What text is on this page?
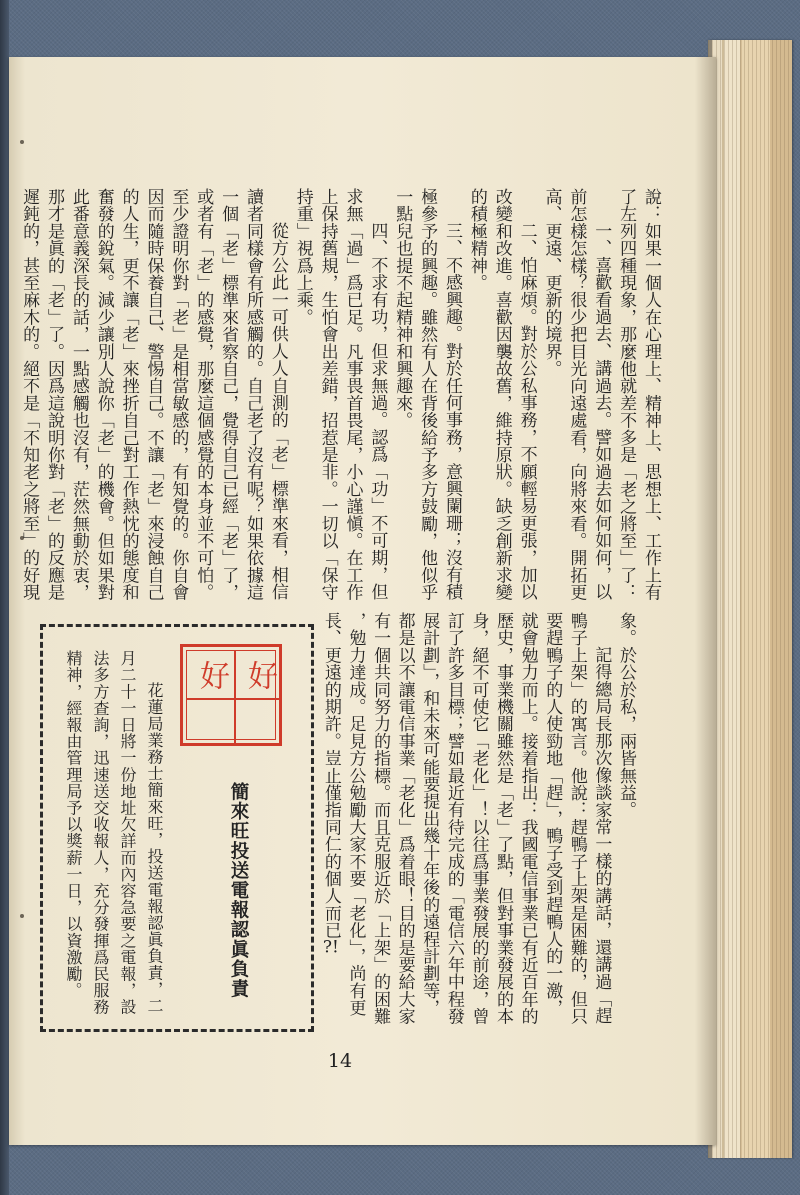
說：如果一個人在心理上、精神上、思想上、工作上有
了左列四種現象，那麼他就差不多是「老之將至」了：
一、喜歡看過去、講過去。譬如過去如何如何，以
前怎樣怎樣？很少把目光向遠處看，向將來看。開拓更
高、更遠、更新的境界。
二、怕麻煩。對於公私事務，不願輕易更張，加以
改變和改進。喜歡因襲故舊，維持原狀。缺乏創新求變
的積極精神。
三、不感興趣。對於任何事務，意興闌珊；沒有積
極參予的興趣。雖然有人在背後給予多方鼓勵，他似乎
一點兒也提不起精神和興趣來。
四、不求有功，但求無過。認爲「功」不可期，但
求無「過」爲已足。凡事畏首畏尾，小心謹愼。在工作
上保持舊規，生怕會出差錯，招惹是非。一切以「保守
持重」視爲上乘。
從方公此一可供人人自測的「老」標準來看，相信
讀者同樣會有所感觸的。自己老了沒有呢？如果依據這
一個「老」標準來省察自己，覺得自己已經「老」了，
或者有「老」的感覺，那麼這個感覺的本身並不可怕。
至少證明你對「老」是相當敏感的，有知覺的。你自會
因而隨時保養自己、警惕自己。不讓「老」來浸蝕自己
的人生，更不讓「老」來挫折自己對工作熱忱的態度和
奮發的銳氣。減少讓別人說你「老」的機會。但如果對
此番意義深長的話，一點感觸也沒有，茫然無動於衷，
那才是眞的「老」了。因爲這說明你對「老」的反應是
遲鈍的，甚至麻木的。絕不是「不知老之將至」的好現
象。於公於私，兩皆無益。
記得總局長那次像談家常一樣的講話，還講過「趕
鴨子上架」的寓言。他說：趕鴨子上架是困難的，但只
要趕鴨子的人使勁地「趕」，鴨子受到趕鴨人的一激，
就會勉力而上。接着指出：我國電信事業已有近百年的
歷史，事業機關雖然是「老」了點，但對事業發展的本
身，絕不可使它「老化」！以往爲事業發展的前途，曾
訂了許多目標；譬如最近有待完成的「電信六年中程發
展計劃」，和未來可能要提出幾十年後的遠程計劃等，
都是以不讓電信事業「老化」爲着眼！目的是要給大家
有一個共同努力的指標。而且克服近於「上架」的困難
，勉力達成。足見方公勉勵大家不要「老化」，尚有更
長、更遠的期許。豈止僅指同仁的個人而已?!
好
好
簡來旺投送電報認眞負責
花蓮局業務士簡來旺，投送電報認眞負責，二
月二十一日將一份地址欠詳而內容急要之電報，設
法多方查詢，迅速送交收報人，充分發揮爲民服務
精神，經報由管理局予以獎薪一日，以資激勵。
14
